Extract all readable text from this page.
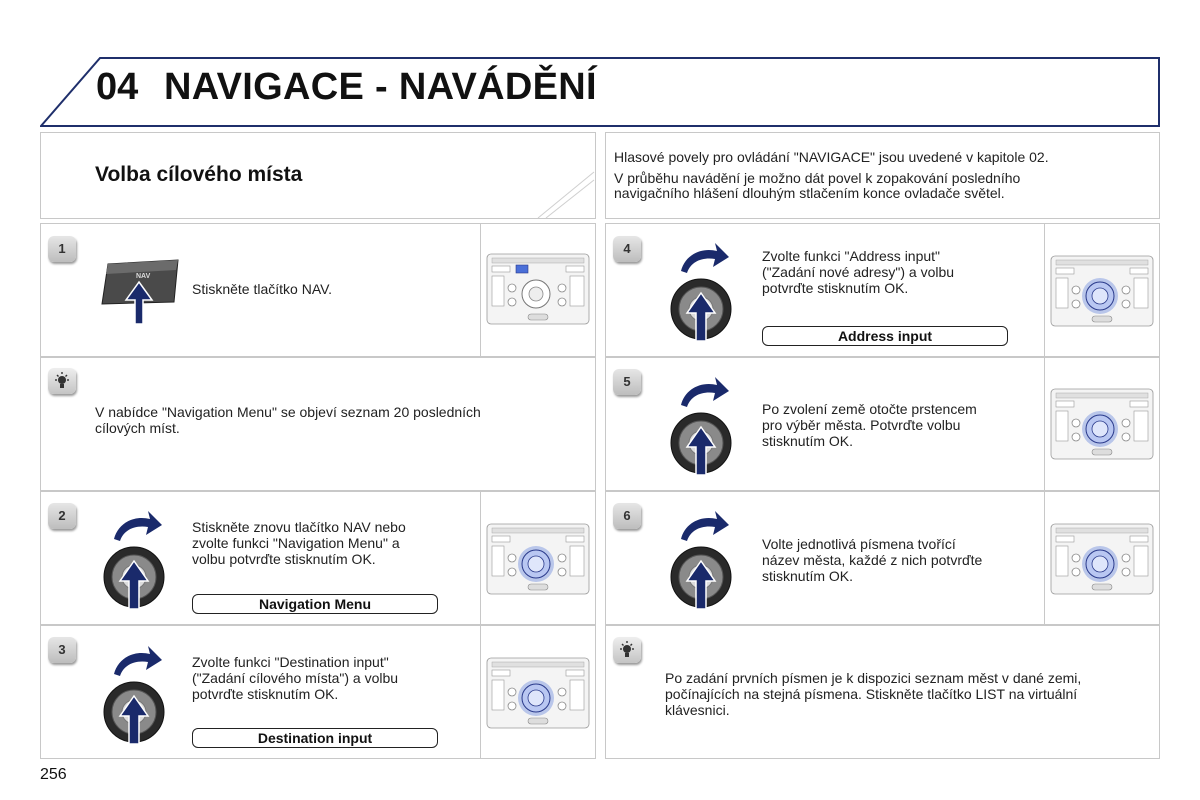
04 NAVIGACE - NAVÁDĚNÍ
Volba cílového místa

Hlasové povely pro ovládání "NAVIGACE" jsou uvedené v kapitole 02.

V průběhu navádění je možno dát povel k zopakování posledního

navigačního hlášení dlouhým stlačením konce ovladače světel.

1
NAV

Stiskněte tlačítko NAV.

V nabídce "Navigation Menu" se objeví seznam 20 posledních

cílových míst.

2

Stiskněte znovu tlačítko NAV nebo

zvolte funkci "Navigation Menu" a

volbu potvrďte stisknutím OK.

Navigation Menu
3

Zvolte funkci "Destination input"

("Zadání cílového místa") a volbu

potvrďte stisknutím OK.

Destination input
4	Zvolte funkci "Address input"

("Zadání nové adresy") a volbu

potvrďte stisknutím OK.

Address input
5

Po zvolení země otočte prstencem

pro výběr města. Potvrďte volbu

stisknutím OK.

6

Volte jednotlivá písmena tvořící

název města, každé z nich potvrďte

stisknutím OK.

Po zadání prvních písmen je k dispozici seznam měst v dané zemi,

počínajících na stejná písmena. Stiskněte tlačítko LIST na virtuální

klávesnici.

256
